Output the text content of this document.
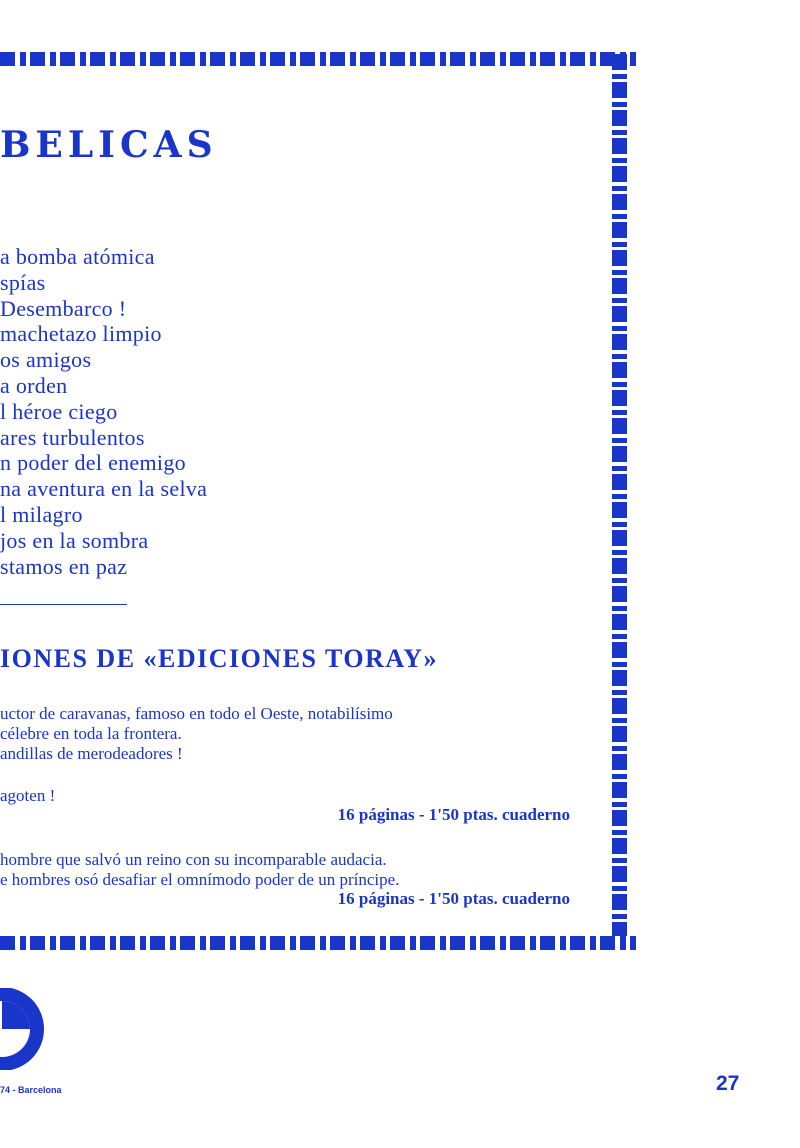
BELICAS
a bomba atómica
spías
Desembarco !
machetazo limpio
os amigos
a orden
l héroe ciego
ares turbulentos
n poder del enemigo
na aventura en la selva
l milagro
jos en la sombra
stamos en paz
IONES DE «EDICIONES TORAY»
uctor de caravanas, famoso en todo el Oeste, notabilísimo
célebre en toda la frontera.
andillas de merodeadores !
agoten !
16 páginas - 1'50 ptas. cuaderno
hombre que salvó un reino con su incomparable audacia.
e hombres osó desafiar el omnímodo poder de un príncipe.
16 páginas - 1'50 ptas. cuaderno
ral
74 - Barcelona	27
